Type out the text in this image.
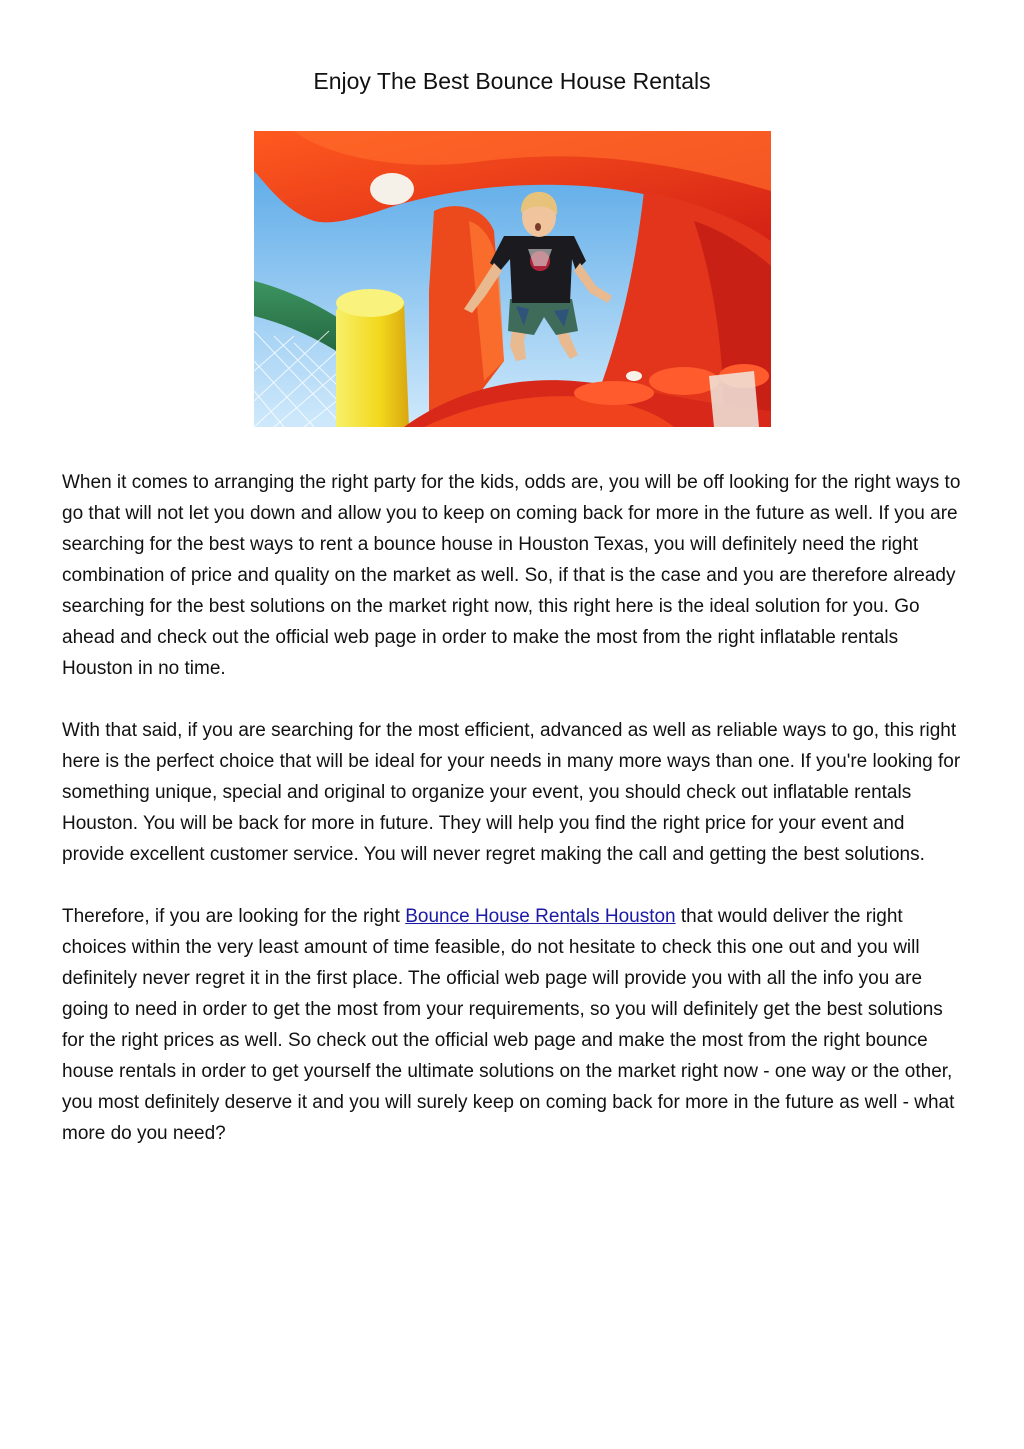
Enjoy The Best Bounce House Rentals

When it comes to arranging the right party for the kids, odds are, you will be off looking for the right ways to go that will not let you down and allow you to keep on coming back for more in the future as well. If you are searching for the best ways to rent a bounce house in Houston Texas, you will definitely need the right combination of price and quality on the market as well. So, if that is the case and you are therefore already searching for the best solutions on the market right now, this right here is the ideal solution for you. Go ahead and check out the official web page in order to make the most from the right inflatable rentals Houston in no time.

With that said, if you are searching for the most efficient, advanced as well as reliable ways to go, this right here is the perfect choice that will be ideal for your needs in many more ways than one. If you're looking for something unique, special and original to organize your event, you should check out inflatable rentals Houston. You will be back for more in future. They will help you find the right price for your event and provide excellent customer service. You will never regret making the call and getting the best solutions.

Therefore, if you are looking for the right Bounce House Rentals Houston that would deliver the right choices within the very least amount of time feasible, do not hesitate to check this one out and you will definitely never regret it in the first place. The official web page will provide you with all the info you are going to need in order to get the most from your requirements, so you will definitely get the best solutions for the right prices as well. So check out the official web page and make the most from the right bounce house rentals in order to get yourself the ultimate solutions on the market right now - one way or the other, you most definitely deserve it and you will surely keep on coming back for more in the future as well - what more do you need?
